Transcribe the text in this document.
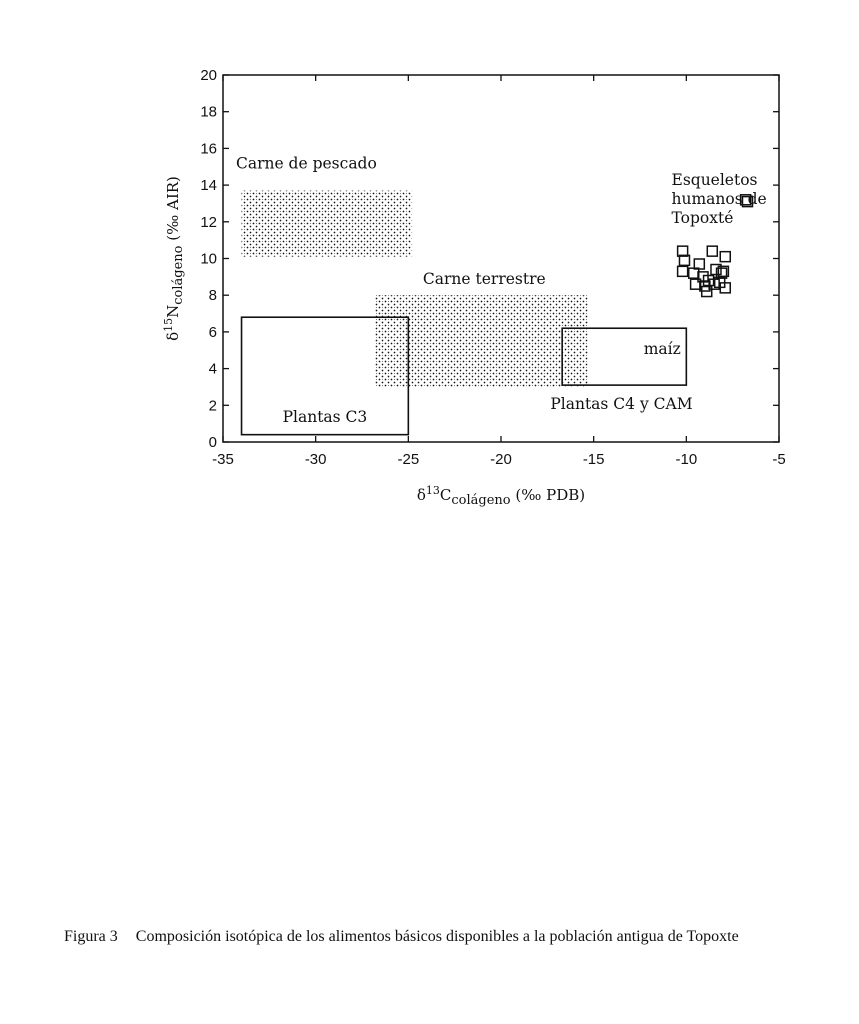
Carne de pescado
Carne terrestre
Plantas C3
Plantas C4 y CAM
-35	-30	-25	-20	-15	-10	-5
0
2
4
6
8
10
12
14
16
18
20
$\delta^{13}Ccolágeno$ (‰ PDB)
$\delta^{15}Ncolágeno$ (‰ AIR)
maíz
Esqueletos humanos de Topoxté
Figura 3 Composición isotópica de los alimentos básicos disponibles a la población antigua de Topoxte
